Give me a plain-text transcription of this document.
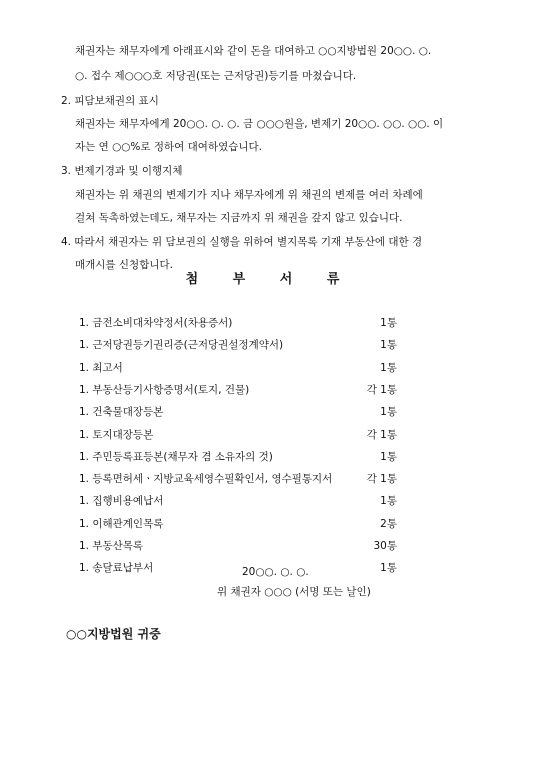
채권자는 채무자에게 아래표시와 같이 돈을 대여하고 ○○지방법원 20○○. ○.
○. 접수 제○○○호 저당권(또는 근저당권)등기를 마쳤습니다.
2. 피담보채권의 표시
채권자는 채무자에게 20○○. ○. ○. 금 ○○○원을, 변제기 20○○. ○○. ○○. 이
자는 연 ○○%로 정하여 대여하였습니다.
3. 변제기경과 및 이행지체
채권자는 위 채권의 변제기가 지나 채무자에게 위 채권의 변제를 여러 차례에
걸쳐 독촉하였는데도, 채무자는 지금까지 위 채권을 갚지 않고 있습니다.
4. 따라서 채권자는 위 담보권의 실행을 위하여 별지목록 기재 부동산에 대한 경
매개시를 신청합니다.
첨 부 서 류
1. 금전소비대차약정서(차용증서)	1통
1. 근저당권등기권리증(근저당권설정계약서)	1통
1. 최고서	1통
1. 부동산등기사항증명서(토지, 건물)	각 1통
1. 건축물대장등본	1통
1. 토지대장등본	각 1통
1. 주민등록표등본(채무자 겸 소유자의 것)	1통
1. 등록면허세ㆍ지방교육세영수필확인서, 영수필통지서	각 1통
1. 집행비용예납서	1통
1. 이해관계인목록	2통
1. 부동산목록	30통
1. 송달료납부서	1통
20○○. ○. ○.
위 채권자 ○○○ (서명 또는 날인)
○○지방법원 귀중
